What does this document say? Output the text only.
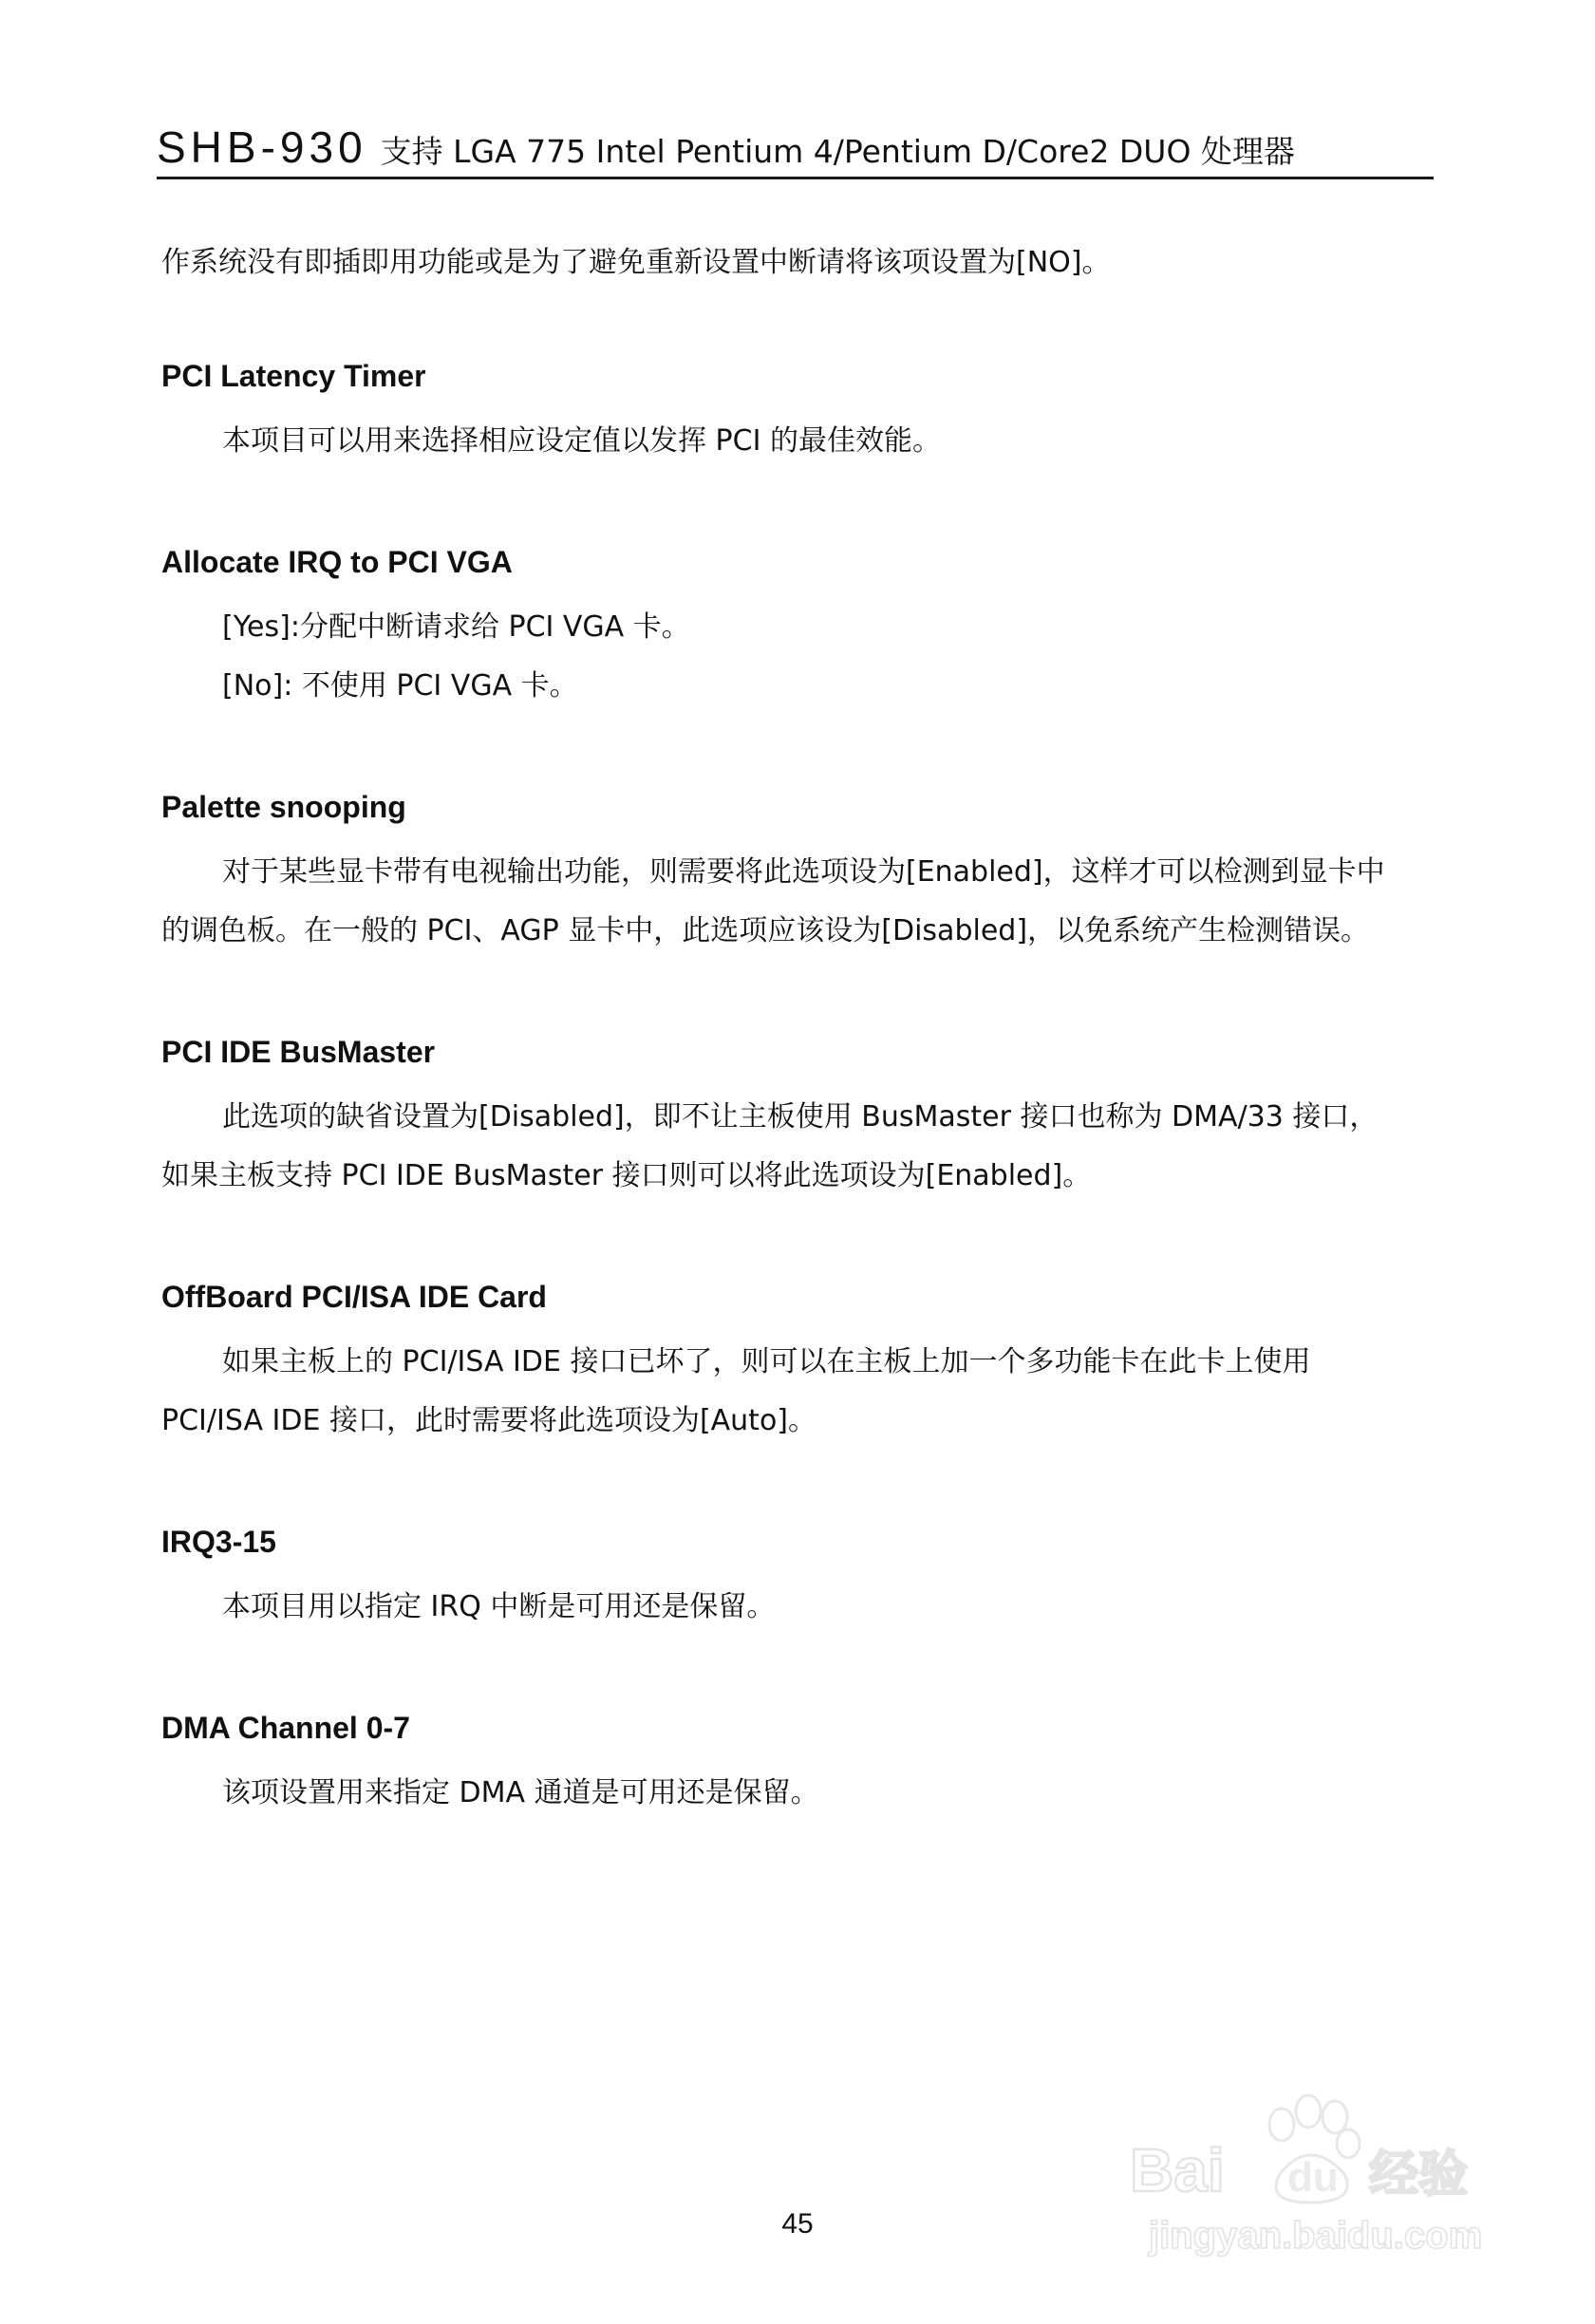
SHB-930 支持 LGA 775 Intel Pentium 4/Pentium D/Core2 DUO 处理器

作系统没有即插即用功能或是为了避免重新设置中断请将该项设置为[NO]。

PCI Latency Timer

本项目可以用来选择相应设定值以发挥 PCI 的最佳效能。

Allocate IRQ to PCI VGA

[Yes]:分配中断请求给 PCI VGA 卡。

[No]: 不使用 PCI VGA 卡。

Palette snooping

对于某些显卡带有电视输出功能，则需要将此选项设为[Enabled]，这样才可以检测到显卡中

的调色板。在一般的 PCI、AGP 显卡中，此选项应该设为[Disabled]，以免系统产生检测错误。

PCI IDE BusMaster

此选项的缺省设置为[Disabled]，即不让主板使用 BusMaster 接口也称为 DMA/33 接口，

如果主板支持 PCI IDE BusMaster 接口则可以将此选项设为[Enabled]。

OffBoard PCI/ISA IDE Card

如果主板上的 PCI/ISA IDE 接口已坏了，则可以在主板上加一个多功能卡在此卡上使用

PCI/ISA IDE 接口，此时需要将此选项设为[Auto]。

IRQ3-15

本项目用以指定 IRQ 中断是可用还是保留。

DMA Channel 0-7

该项设置用来指定 DMA 通道是可用还是保留。

45
Bai du 经验
jingyan.baidu.com
